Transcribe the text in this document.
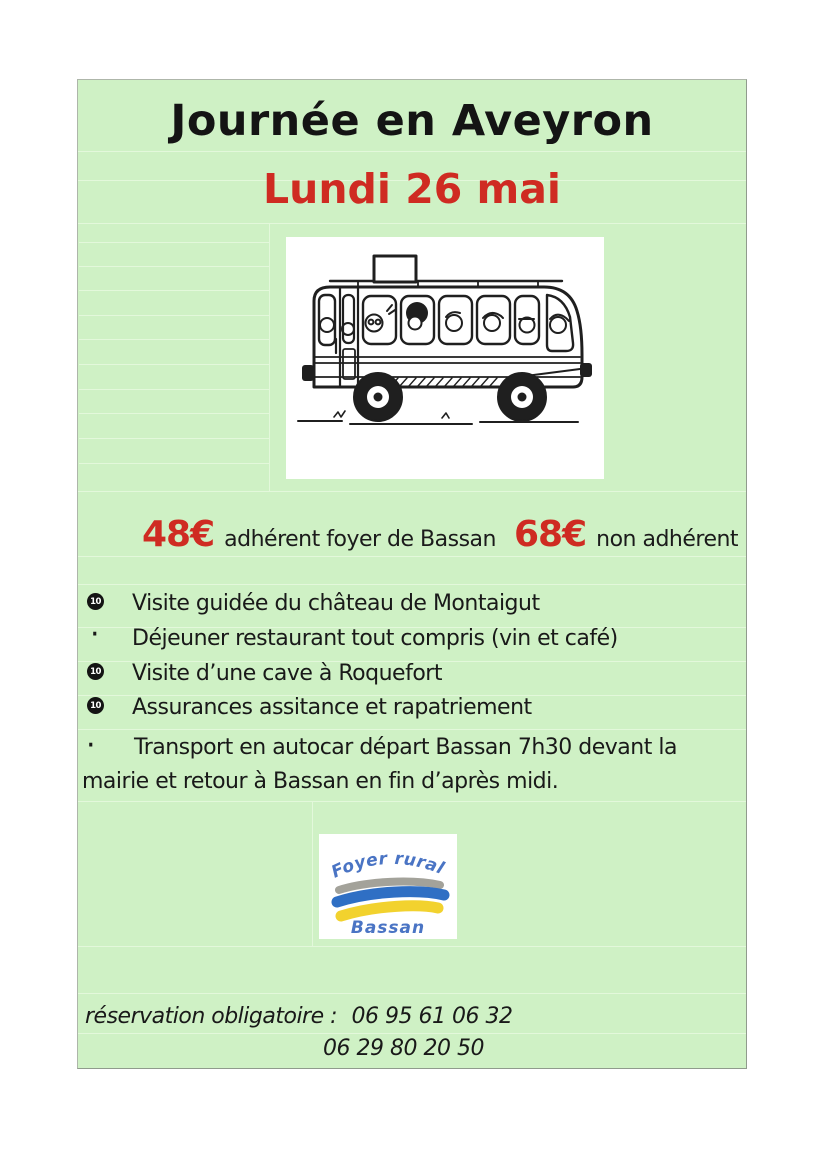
Journée en Aveyron
Lundi 26 mai
48€ adhérent foyer de Bassan 68€ non adhérent
10 Visite guidée du château de Montaigut
· Déjeuner restaurant tout compris (vin et café)
10 Visite d’une cave à Roquefort
10 Assurances assitance et rapatriement
·	Transport en autocar départ Bassan 7h30 devant la
mairie et retour à Bassan en fin d’après midi.
Foyer rural
Bassan
réservation obligatoire : 06 95 61 06 32
06 29 80 20 50
